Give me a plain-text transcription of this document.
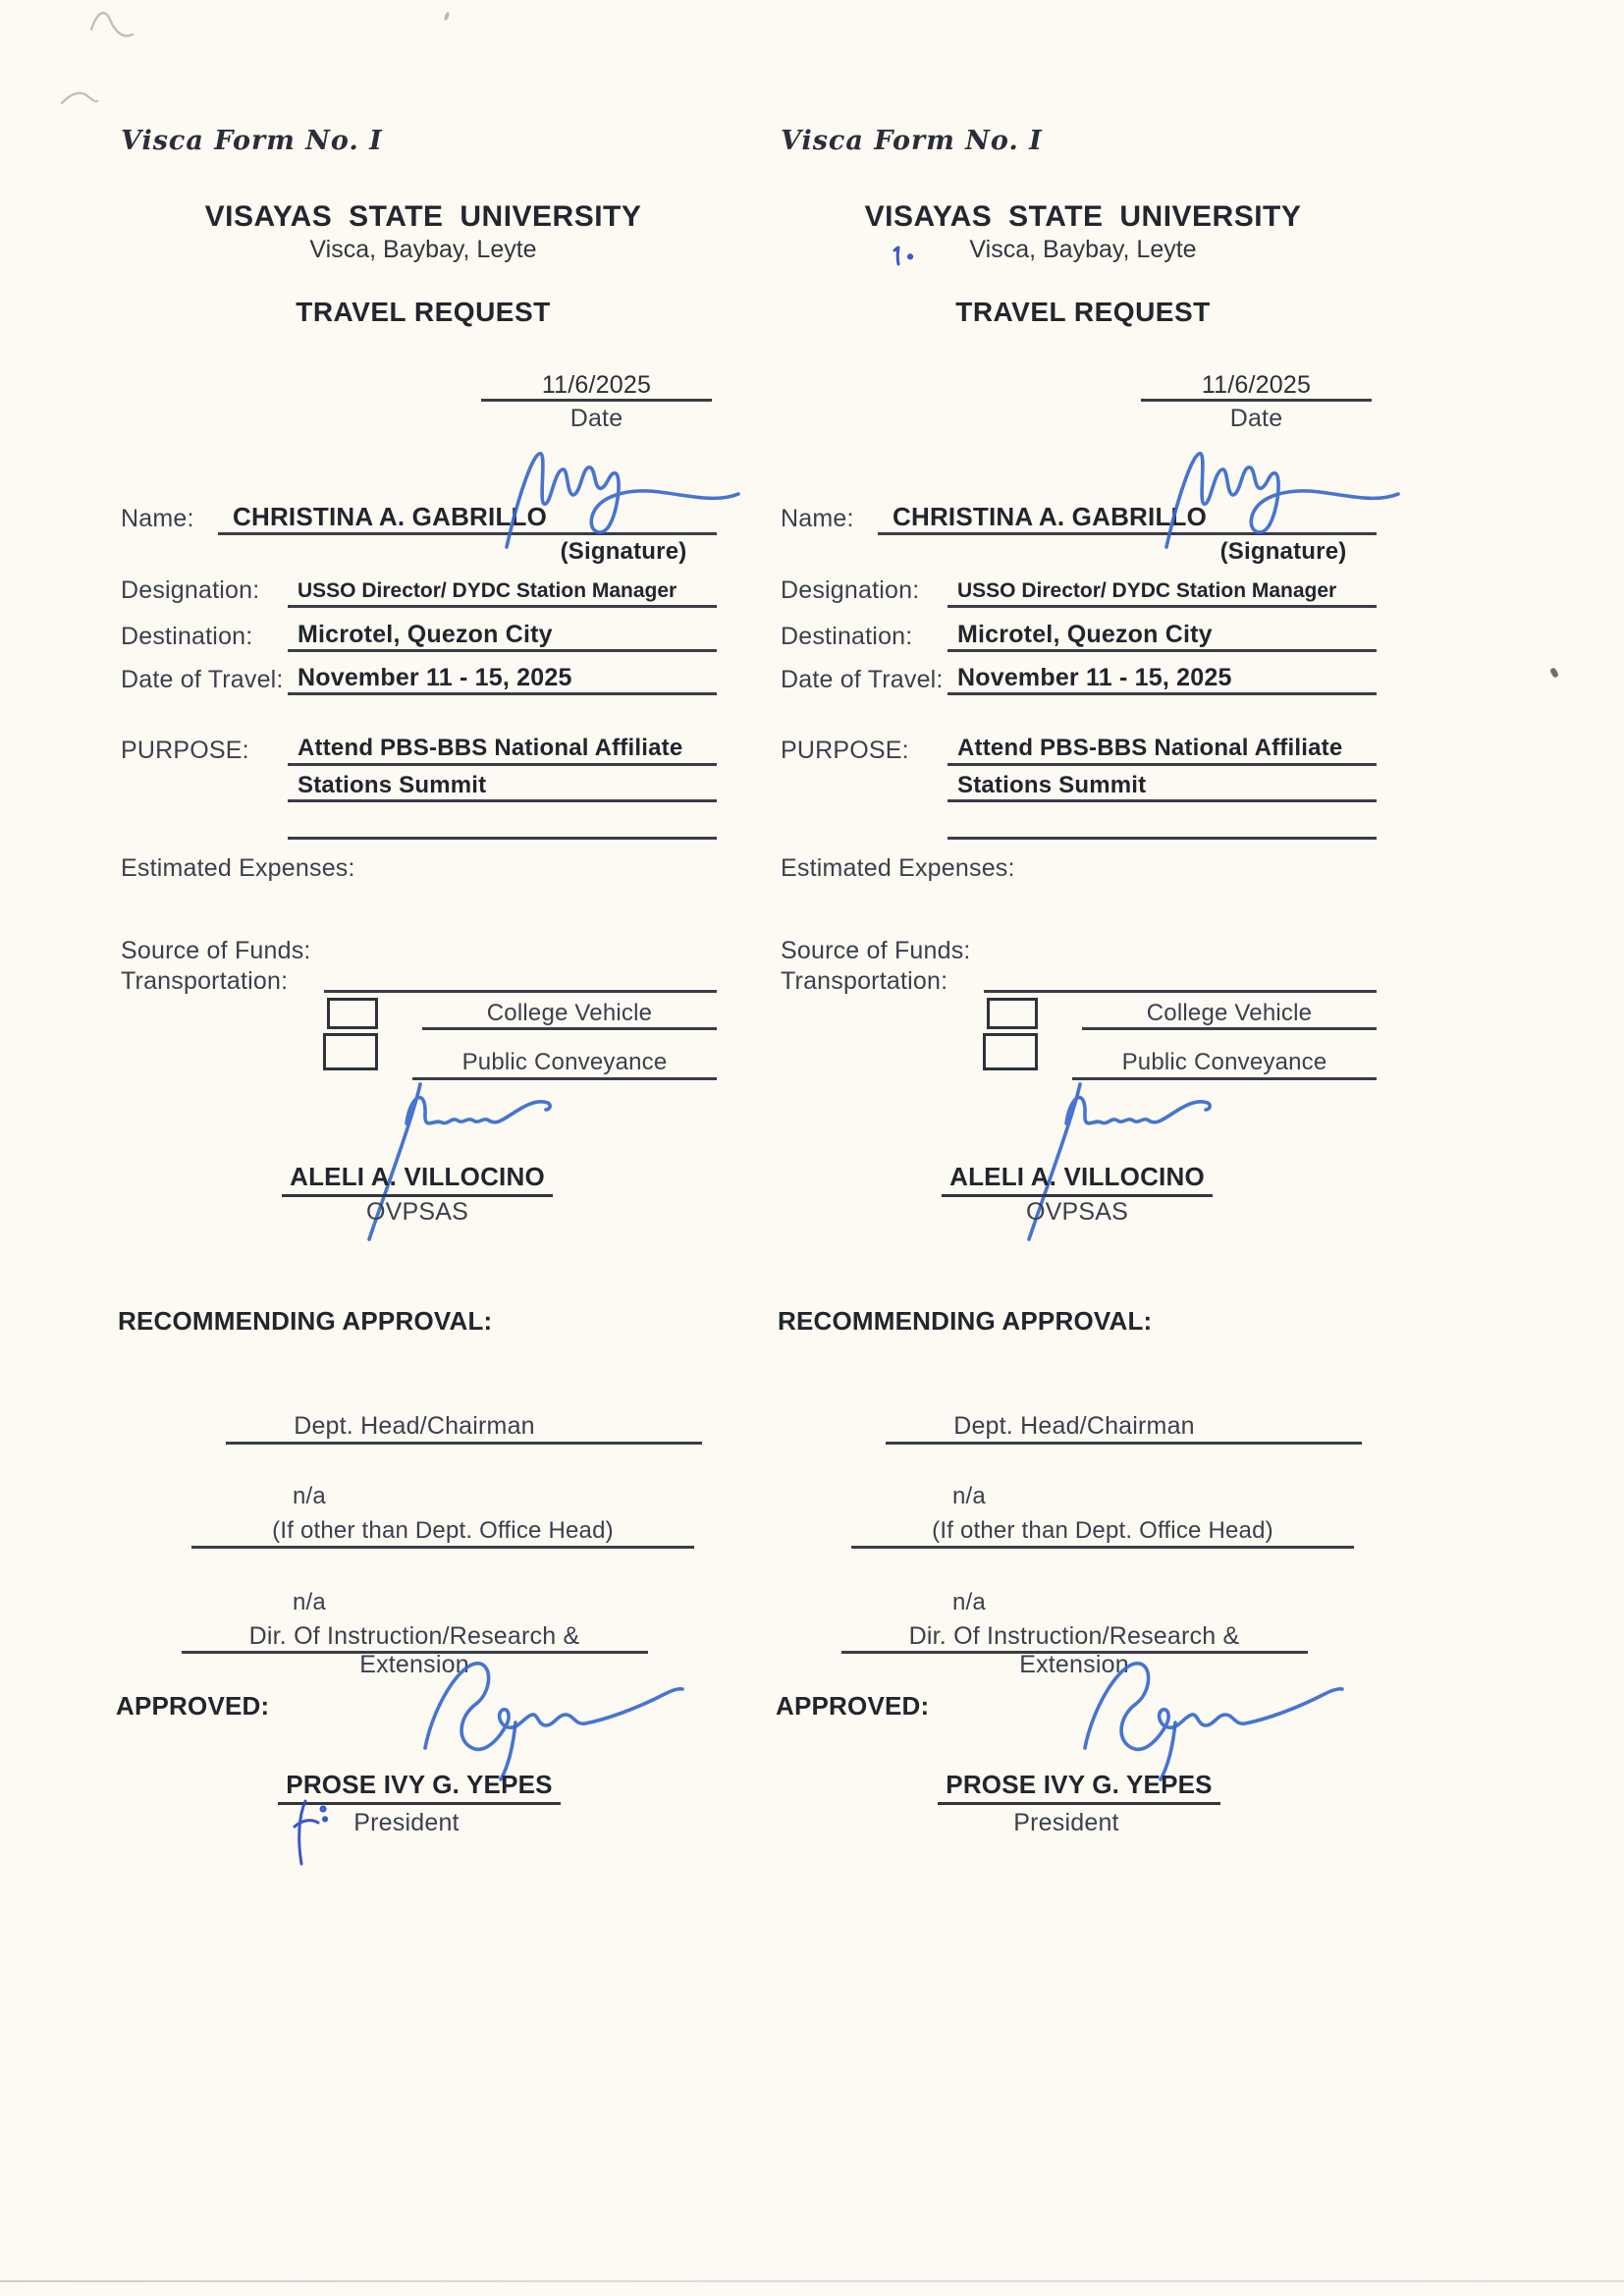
Visca Form No. I
VISAYAS STATE UNIVERSITY
Visca, Baybay, Leyte
TRAVEL REQUEST
11/6/2025
Date
Name: CHRISTINA A. GABRILLO
(Signature)
Designation: USSO Director/ DYDC Station Manager
Destination: Microtel, Quezon City
Date of Travel: November 11 - 15, 2025
PURPOSE: Attend PBS-BBS National Affiliate
Stations Summit
Estimated Expenses:
Source of Funds:
Transportation:
College Vehicle
Public Conveyance
ALELI A. VILLOCINO
OVPSAS
RECOMMENDING APPROVAL:
Dept. Head/Chairman
n/a
(If other than Dept. Office Head)
n/a
Dir. Of Instruction/Research & Extension
APPROVED:
PROSE IVY G. YEPES
President
Visca Form No. I
VISAYAS STATE UNIVERSITY
Visca, Baybay, Leyte
TRAVEL REQUEST
11/6/2025
Date
Name: CHRISTINA A. GABRILLO
(Signature)
Designation: USSO Director/ DYDC Station Manager
Destination: Microtel, Quezon City
Date of Travel: November 11 - 15, 2025
PURPOSE: Attend PBS-BBS National Affiliate
Stations Summit
Estimated Expenses:
Source of Funds:
Transportation:
College Vehicle
Public Conveyance
ALELI A. VILLOCINO
OVPSAS
RECOMMENDING APPROVAL:
Dept. Head/Chairman
n/a
(If other than Dept. Office Head)
n/a
Dir. Of Instruction/Research & Extension
APPROVED:
PROSE IVY G. YEPES
President
